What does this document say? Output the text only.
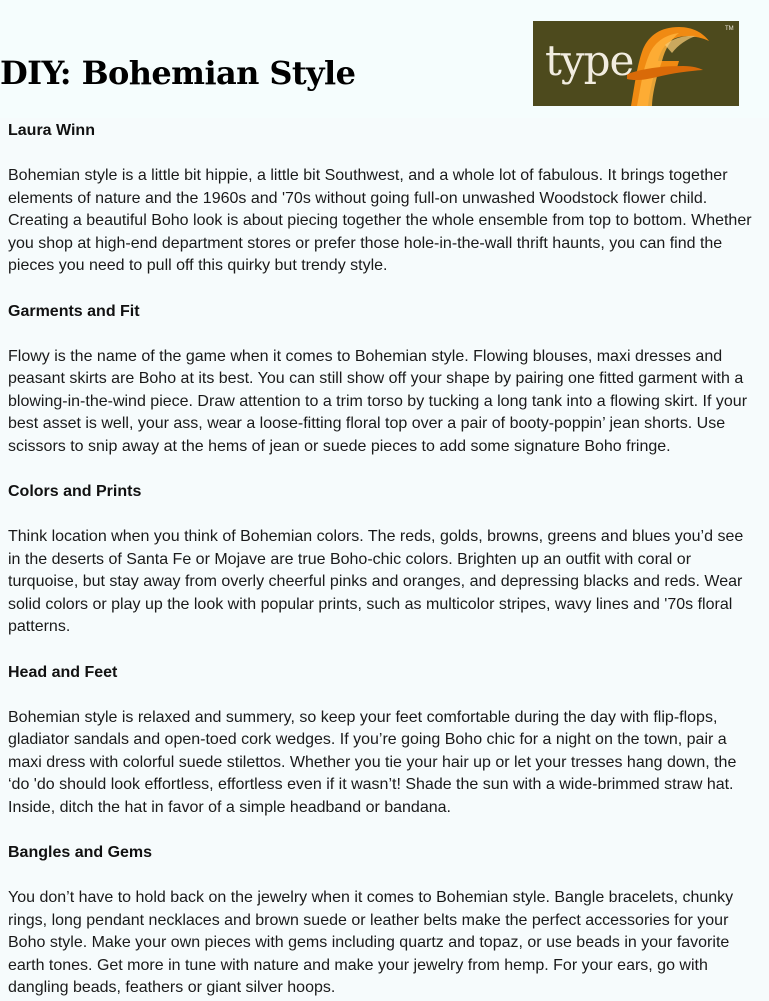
DIY: Bohemian Style
TM
type

Laura Winn

Bohemian style is a little bit hippie, a little bit Southwest, and a whole lot of fabulous. It brings together elements of nature and the 1960s and '70s without going full-on unwashed Woodstock flower child. Creating a beautiful Boho look is about piecing together the whole ensemble from top to bottom. Whether you shop at high-end department stores or prefer those hole-in-the-wall thrift haunts, you can find the pieces you need to pull off this quirky but trendy style.

Garments and Fit

Flowy is the name of the game when it comes to Bohemian style. Flowing blouses, maxi dresses and peasant skirts are Boho at its best. You can still show off your shape by pairing one fitted garment with a blowing-in-the-wind piece. Draw attention to a trim torso by tucking a long tank into a flowing skirt. If your best asset is well, your ass, wear a loose-fitting floral top over a pair of booty-poppin’ jean shorts. Use scissors to snip away at the hems of jean or suede pieces to add some signature Boho fringe.

Colors and Prints

Think location when you think of Bohemian colors. The reds, golds, browns, greens and blues you’d see in the deserts of Santa Fe or Mojave are true Boho-chic colors. Brighten up an outfit with coral or turquoise, but stay away from overly cheerful pinks and oranges, and depressing blacks and reds. Wear solid colors or play up the look with popular prints, such as multicolor stripes, wavy lines and '70s floral patterns.

Head and Feet

Bohemian style is relaxed and summery, so keep your feet comfortable during the day with flip-flops, gladiator sandals and open-toed cork wedges. If you’re going Boho chic for a night on the town, pair a maxi dress with colorful suede stilettos. Whether you tie your hair up or let your tresses hang down, the ‘do 'do should look effortless, effortless even if it wasn’t! Shade the sun with a wide-brimmed straw hat. Inside, ditch the hat in favor of a simple headband or bandana.

Bangles and Gems

You don’t have to hold back on the jewelry when it comes to Bohemian style. Bangle bracelets, chunky rings, long pendant necklaces and brown suede or leather belts make the perfect accessories for your Boho style. Make your own pieces with gems including quartz and topaz, or use beads in your favorite earth tones. Get more in tune with nature and make your jewelry from hemp. For your ears, go with dangling beads, feathers or giant silver hoops.
